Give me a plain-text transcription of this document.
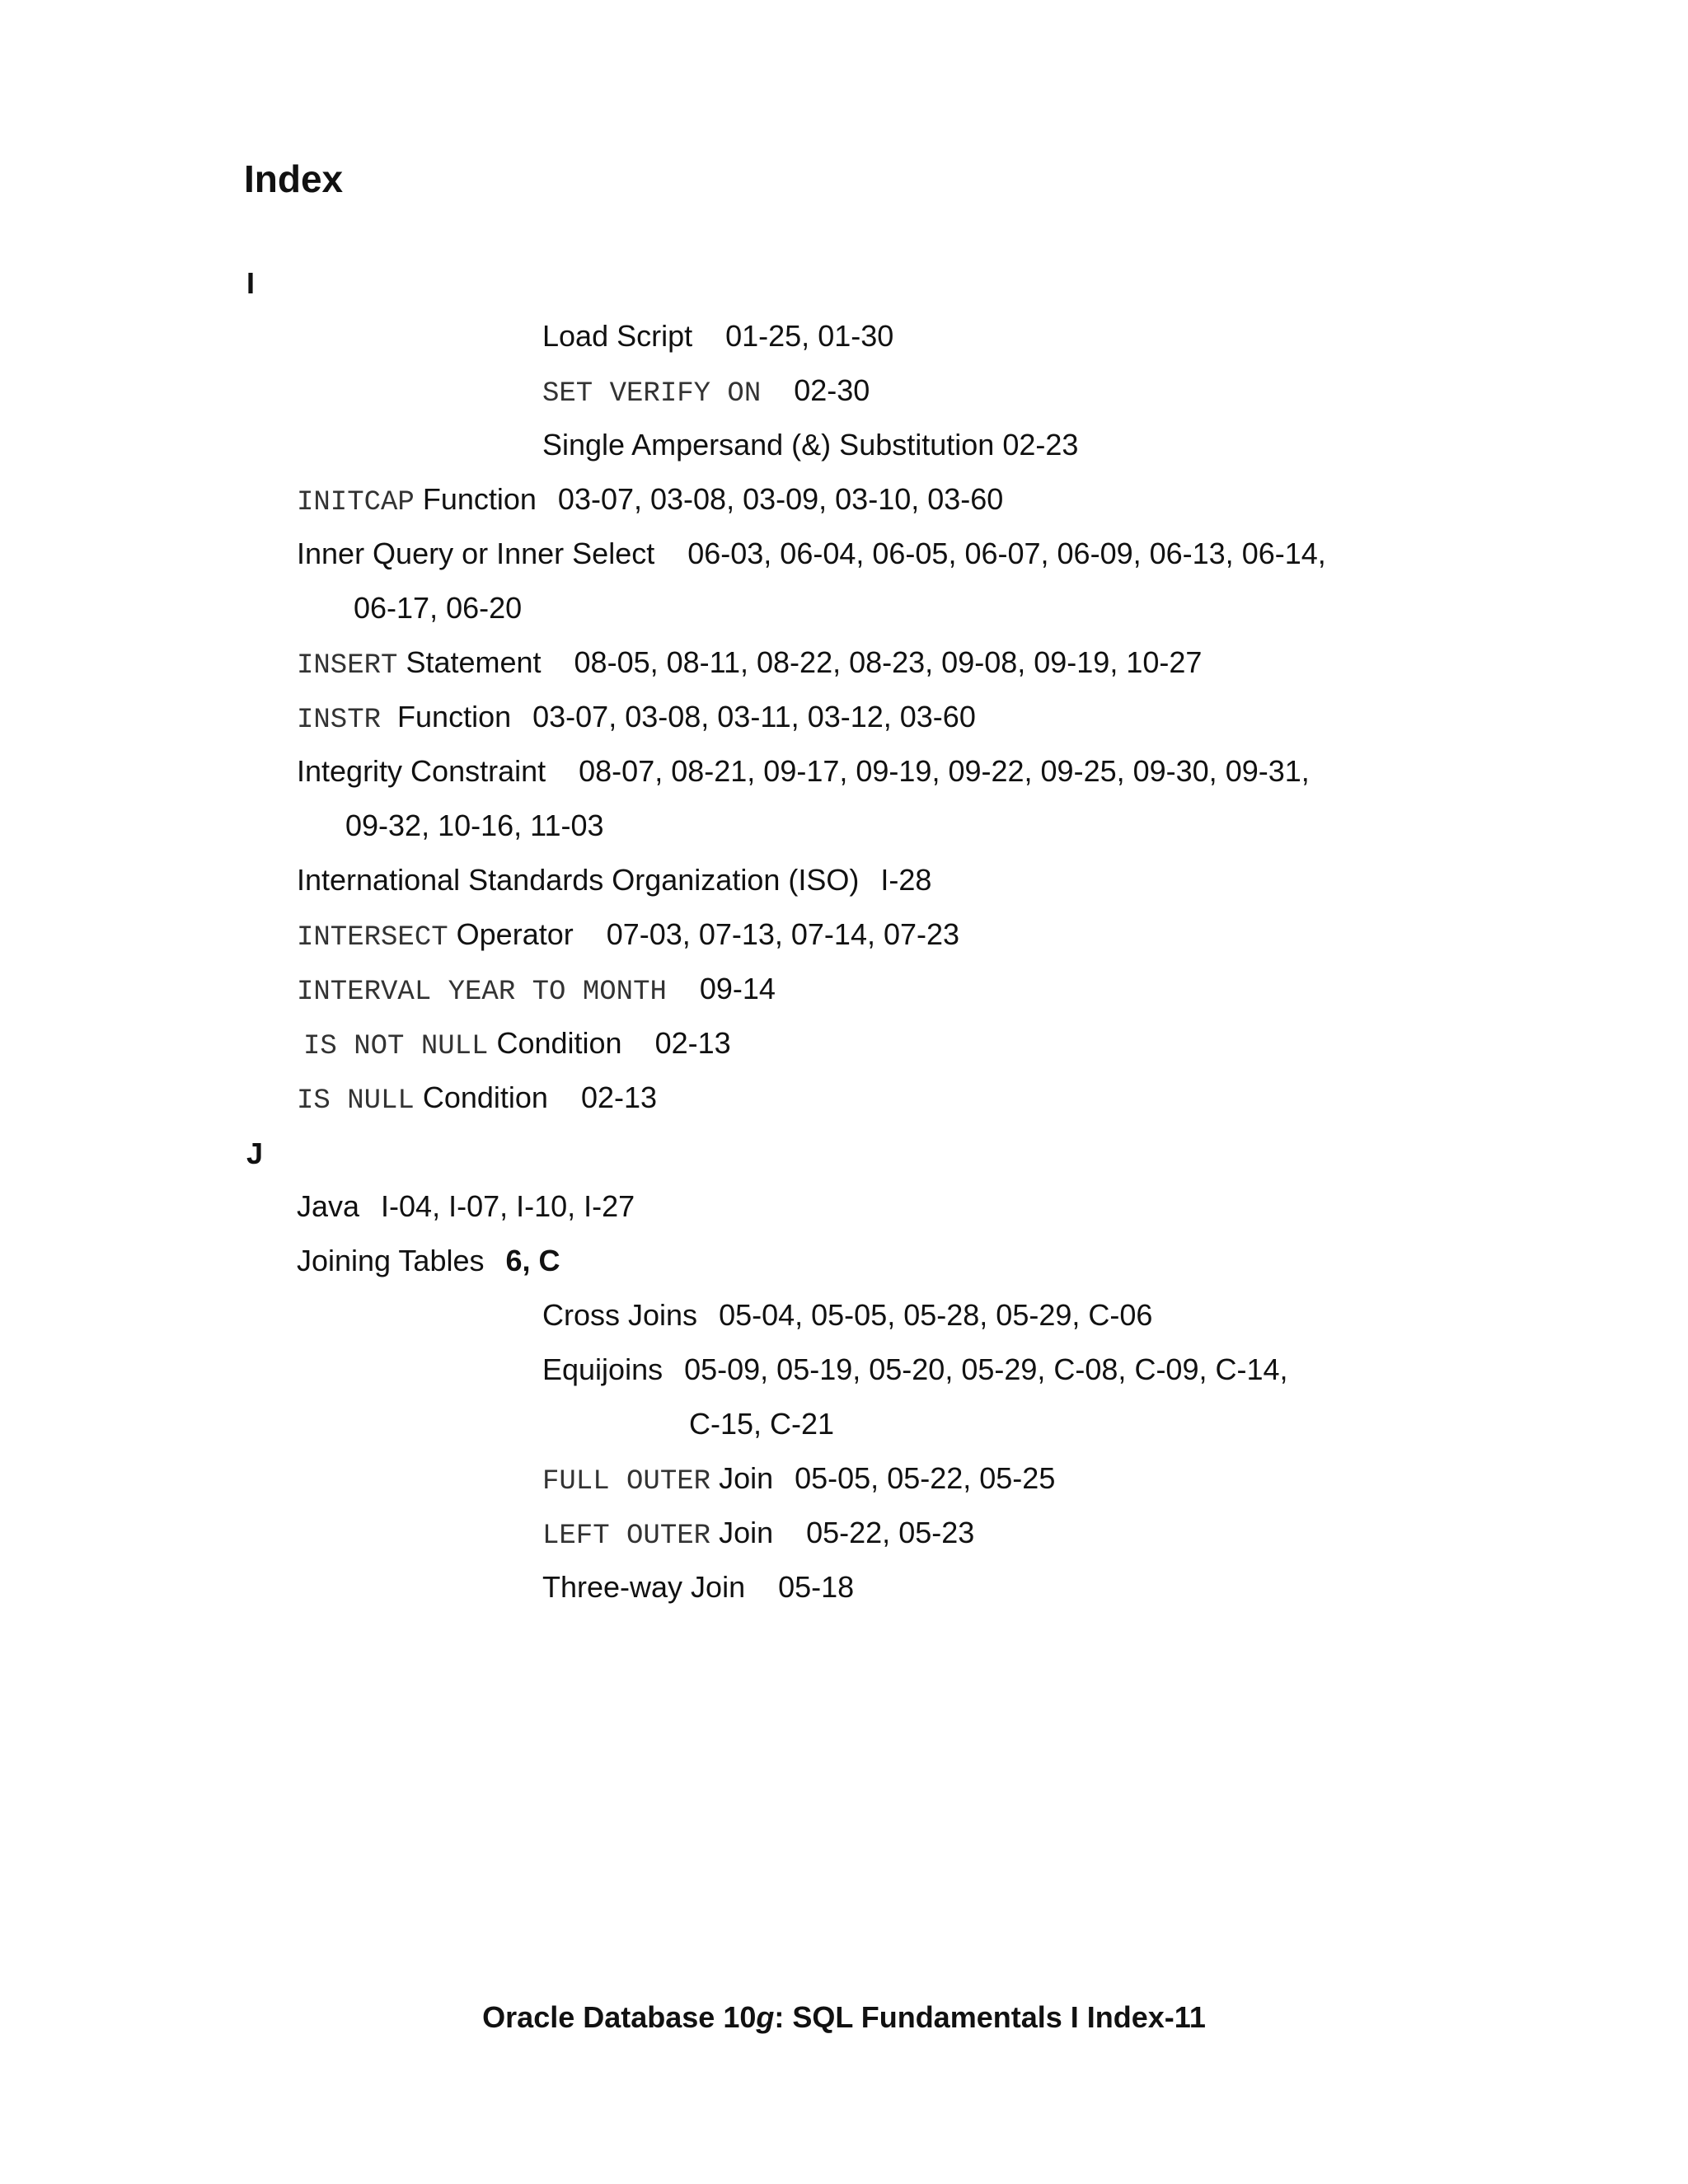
Index
I
Load Script 01-25, 01-30
SET VERIFY ON 02-30
Single Ampersand (&) Substitution 02-23
INITCAP Function 03-07, 03-08, 03-09, 03-10, 03-60
Inner Query or Inner Select 06-03, 06-04, 06-05, 06-07, 06-09, 06-13, 06-14,
06-17, 06-20
INSERT Statement 08-05, 08-11, 08-22, 08-23, 09-08, 09-19, 10-27
INSTR Function 03-07, 03-08, 03-11, 03-12, 03-60
Integrity Constraint 08-07, 08-21, 09-17, 09-19, 09-22, 09-25, 09-30, 09-31,
09-32, 10-16, 11-03
International Standards Organization (ISO) I-28
INTERSECT Operator 07-03, 07-13, 07-14, 07-23
INTERVAL YEAR TO MONTH 09-14
IS NOT NULL Condition 02-13
IS NULL Condition 02-13
J
Java I-04, I-07, I-10, I-27
Joining Tables 6, C
Cross Joins 05-04, 05-05, 05-28, 05-29, C-06
Equijoins 05-09, 05-19, 05-20, 05-29, C-08, C-09, C-14,
C-15, C-21
FULL OUTER Join 05-05, 05-22, 05-25
LEFT OUTER Join 05-22, 05-23
Three-way Join 05-18
Oracle Database 10g: SQL Fundamentals I Index-11
